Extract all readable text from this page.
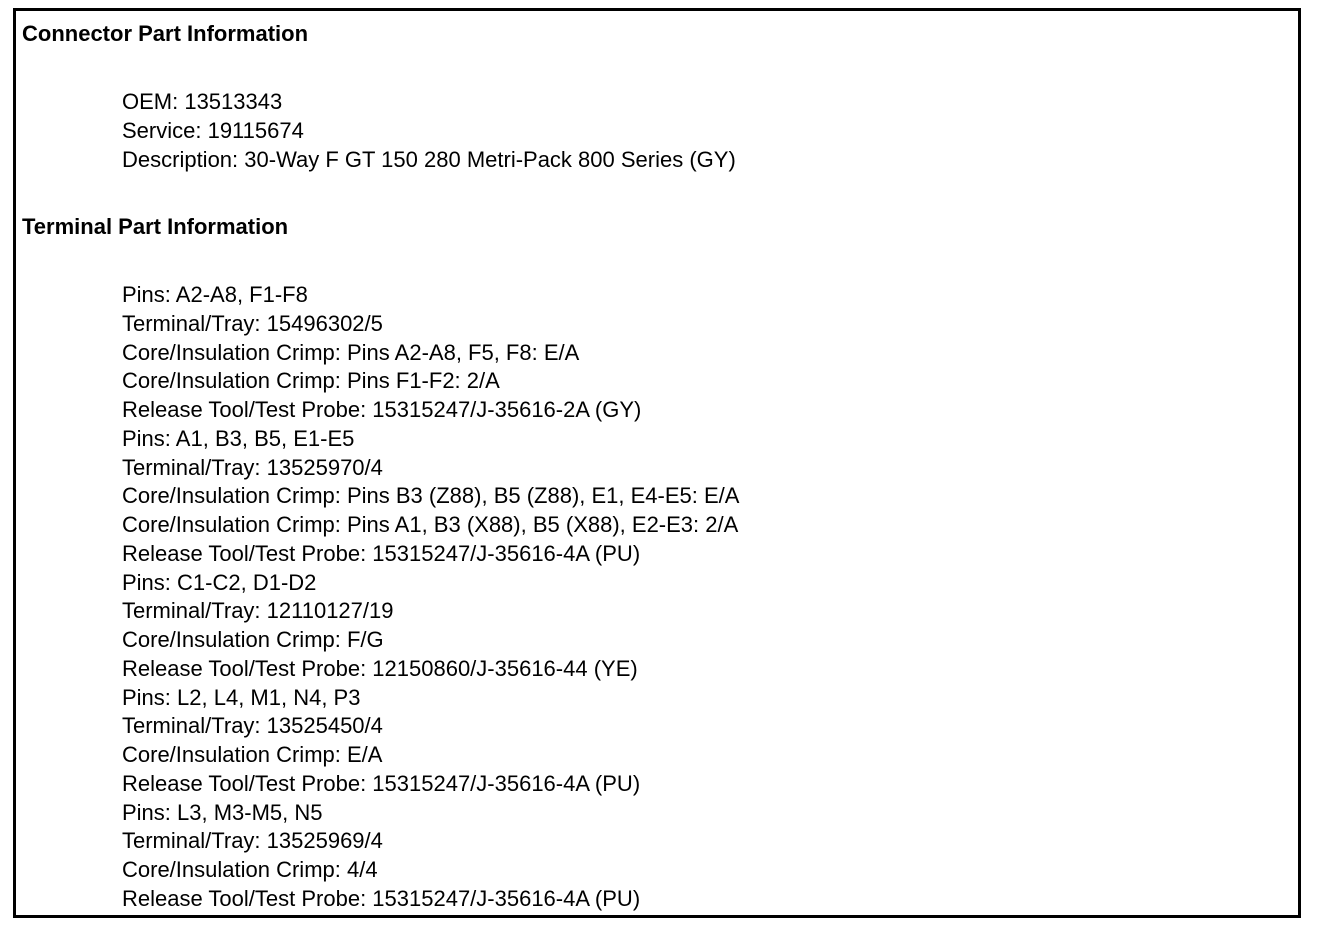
Connector Part Information
OEM: 13513343
Service: 19115674
Description: 30-Way F GT 150 280 Metri-Pack 800 Series (GY)
Terminal Part Information
Pins: A2-A8, F1-F8
Terminal/Tray: 15496302/5
Core/Insulation Crimp: Pins A2-A8, F5, F8: E/A
Core/Insulation Crimp: Pins F1-F2: 2/A
Release Tool/Test Probe: 15315247/J-35616-2A (GY)
Pins: A1, B3, B5, E1-E5
Terminal/Tray: 13525970/4
Core/Insulation Crimp: Pins B3 (Z88), B5 (Z88), E1, E4-E5: E/A
Core/Insulation Crimp: Pins A1, B3 (X88), B5 (X88), E2-E3: 2/A
Release Tool/Test Probe: 15315247/J-35616-4A (PU)
Pins: C1-C2, D1-D2
Terminal/Tray: 12110127/19
Core/Insulation Crimp: F/G
Release Tool/Test Probe: 12150860/J-35616-44 (YE)
Pins: L2, L4, M1, N4, P3
Terminal/Tray: 13525450/4
Core/Insulation Crimp: E/A
Release Tool/Test Probe: 15315247/J-35616-4A (PU)
Pins: L3, M3-M5, N5
Terminal/Tray: 13525969/4
Core/Insulation Crimp: 4/4
Release Tool/Test Probe: 15315247/J-35616-4A (PU)
